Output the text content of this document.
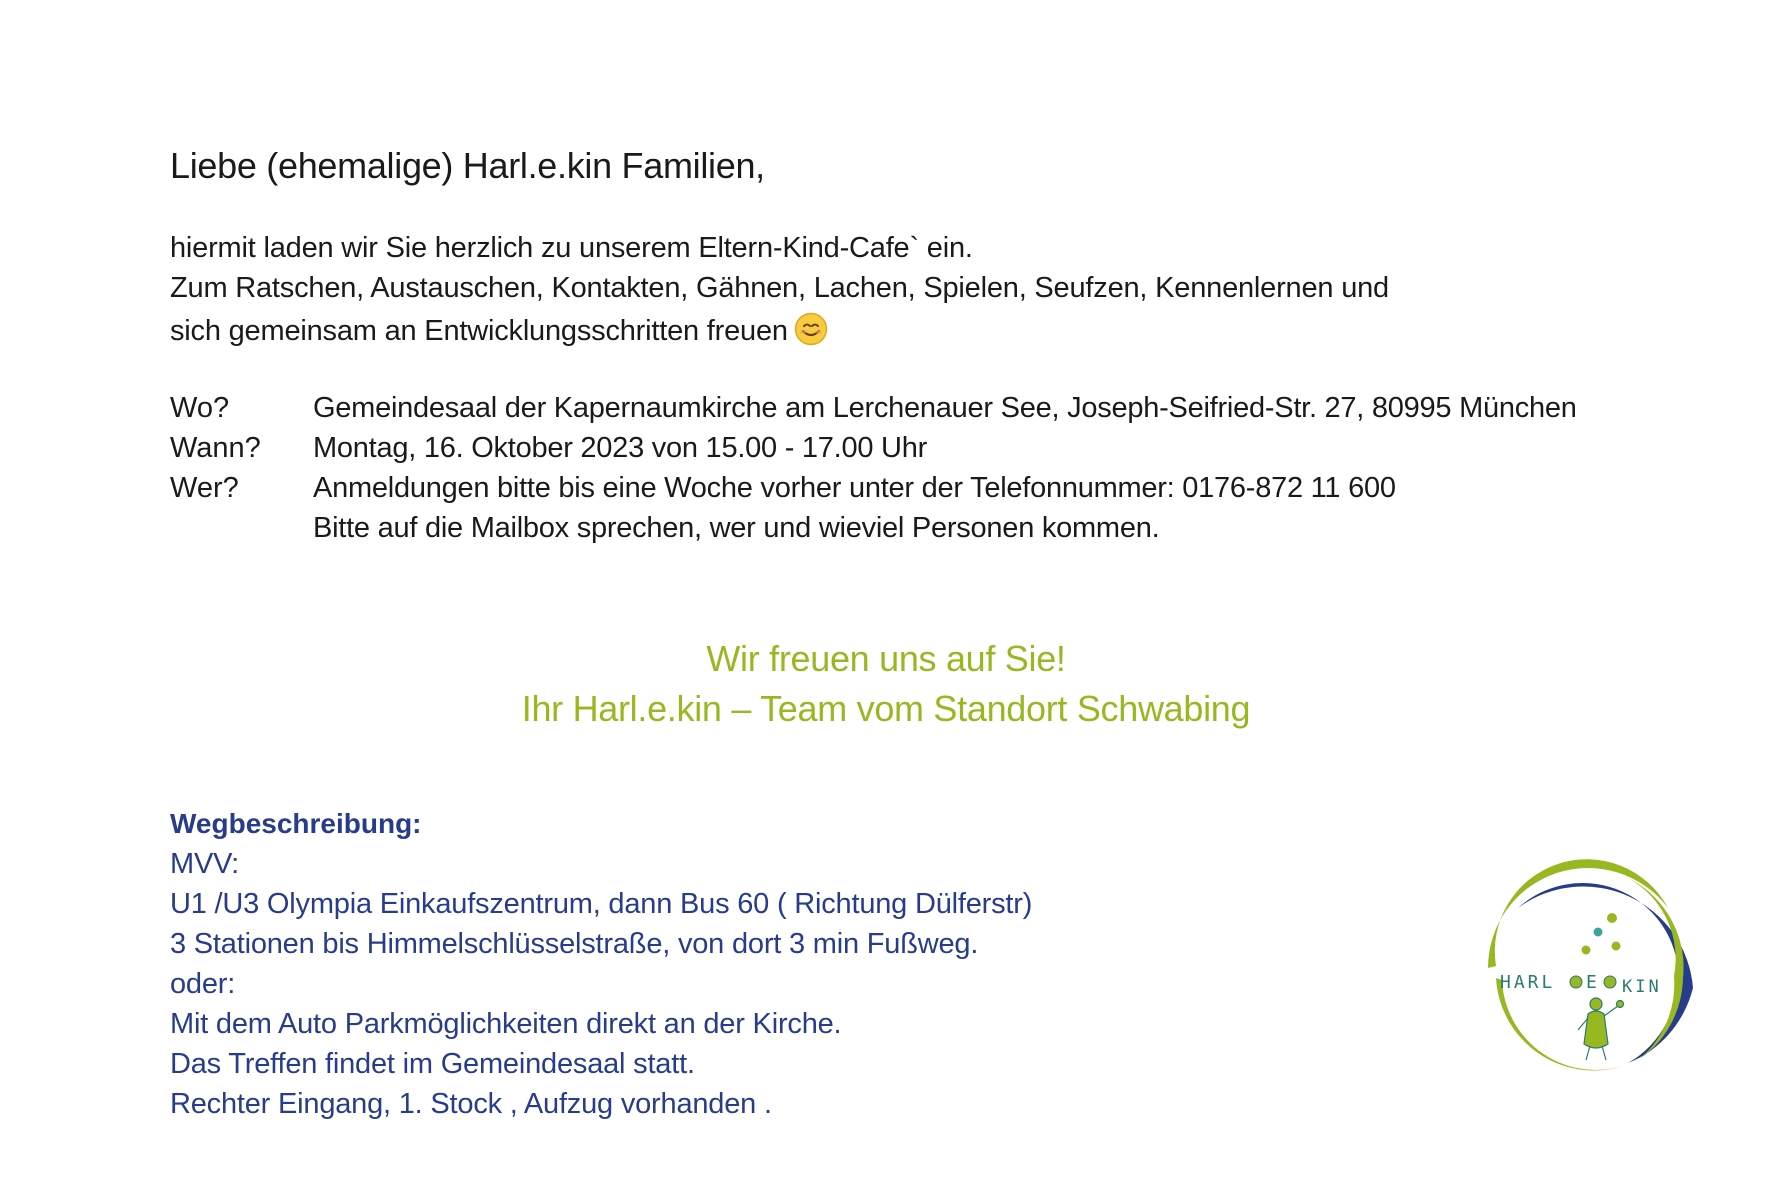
Liebe (ehemalige) Harl.e.kin Familien,
hiermit laden wir Sie herzlich zu unserem Eltern-Kind-Cafe` ein.
Zum Ratschen, Austauschen, Kontakten, Gähnen, Lachen, Spielen, Seufzen, Kennenlernen und
sich gemeinsam an Entwicklungsschritten freuen
Wo?	Gemeindesaal der Kapernaumkirche am Lerchenauer See, Joseph-Seifried-Str. 27, 80995 München
Wann? Montag, 16. Oktober 2023 von 15.00 - 17.00 Uhr
Wer?	Anmeldungen bitte bis eine Woche vorher unter der Telefonnummer: 0176-872 11 600
Bitte auf die Mailbox sprechen, wer und wieviel Personen kommen.
Wir freuen uns auf Sie!
Ihr Harl.e.kin – Team vom Standort Schwabing
Wegbeschreibung:
MVV:
U1 /U3 Olympia Einkaufszentrum, dann Bus 60 ( Richtung Dülferstr)
3 Stationen bis Himmelschlüsselstraße, von dort 3 min Fußweg.
oder:
Mit dem Auto Parkmöglichkeiten direkt an der Kirche.
Das Treffen findet im Gemeindesaal statt.
Rechter Eingang, 1. Stock , Aufzug vorhanden .
HARL E KIN
